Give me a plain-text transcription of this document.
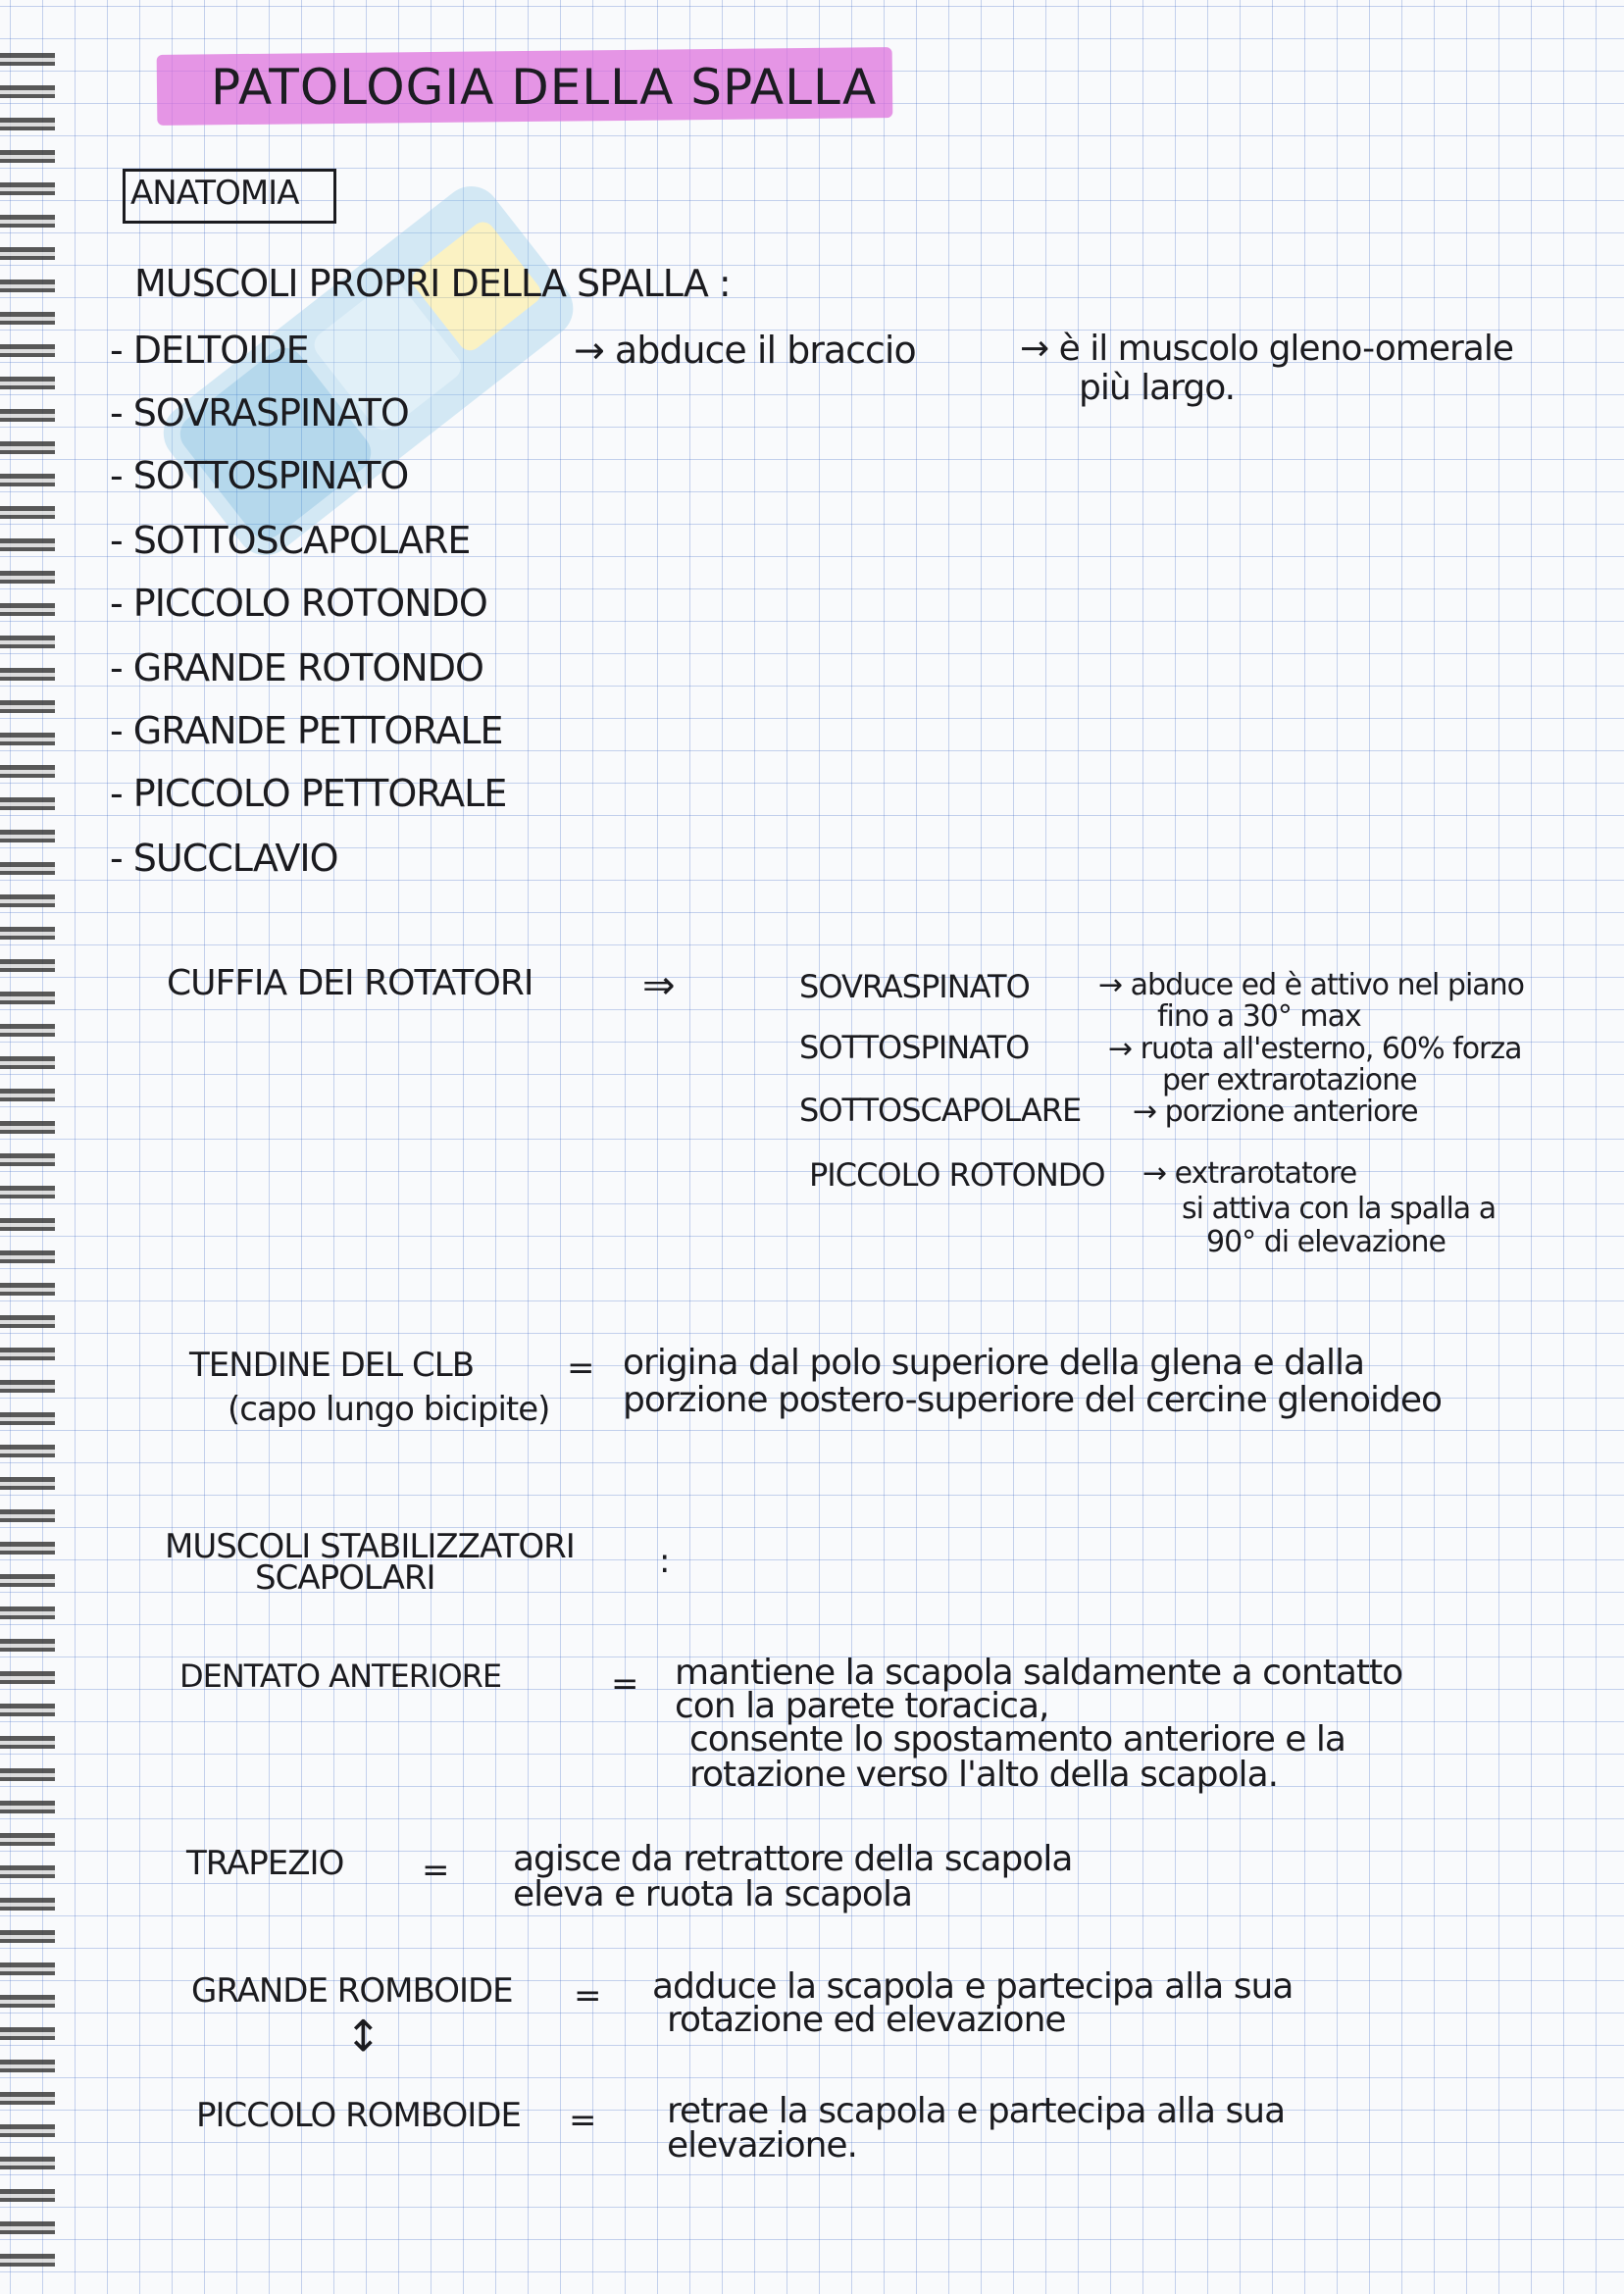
PATOLOGIA DELLA SPALLA
ANATOMIA
MUSCOLI PROPRI DELLA SPALLA :
- DELTOIDE
- SOVRASPINATO
- SOTTOSPINATO
- SOTTOSCAPOLARE
- PICCOLO ROTONDO
- GRANDE ROTONDO
- GRANDE PETTORALE
- PICCOLO PETTORALE
- SUCCLAVIO
→ abduce il braccio	→ è il muscolo gleno-omerale
più largo.
CUFFIA DEI ROTATORI	⇒	SOVRASPINATO → abduce ed è attivo nel piano
fino a 30° max
SOTTOSPINATO	→ ruota all'esterno, 60% forza
per extrarotazione
SOTTOSCAPOLARE → porzione anteriore
PICCOLO ROTONDO → extrarotatore
si attiva con la spalla a
90° di elevazione
TENDINE DEL CLB
(capo lungo bicipite)
= origina dal polo superiore della glena e dalla
porzione postero-superiore del cercine glenoideo
MUSCOLI STABILIZZATORI
SCAPOLARI	:
DENTATO ANTERIORE	= mantiene la scapola saldamente a contatto
con la parete toracica,
consente lo spostamento anteriore e la
rotazione verso l'alto della scapola.
TRAPEZIO = agisce da retrattore della scapola
eleva e ruota la scapola
GRANDE ROMBOIDE = adduce la scapola e partecipa alla sua
rotazione ed elevazione
↕
PICCOLO ROMBOIDE = retrae la scapola e partecipa alla sua
elevazione.
